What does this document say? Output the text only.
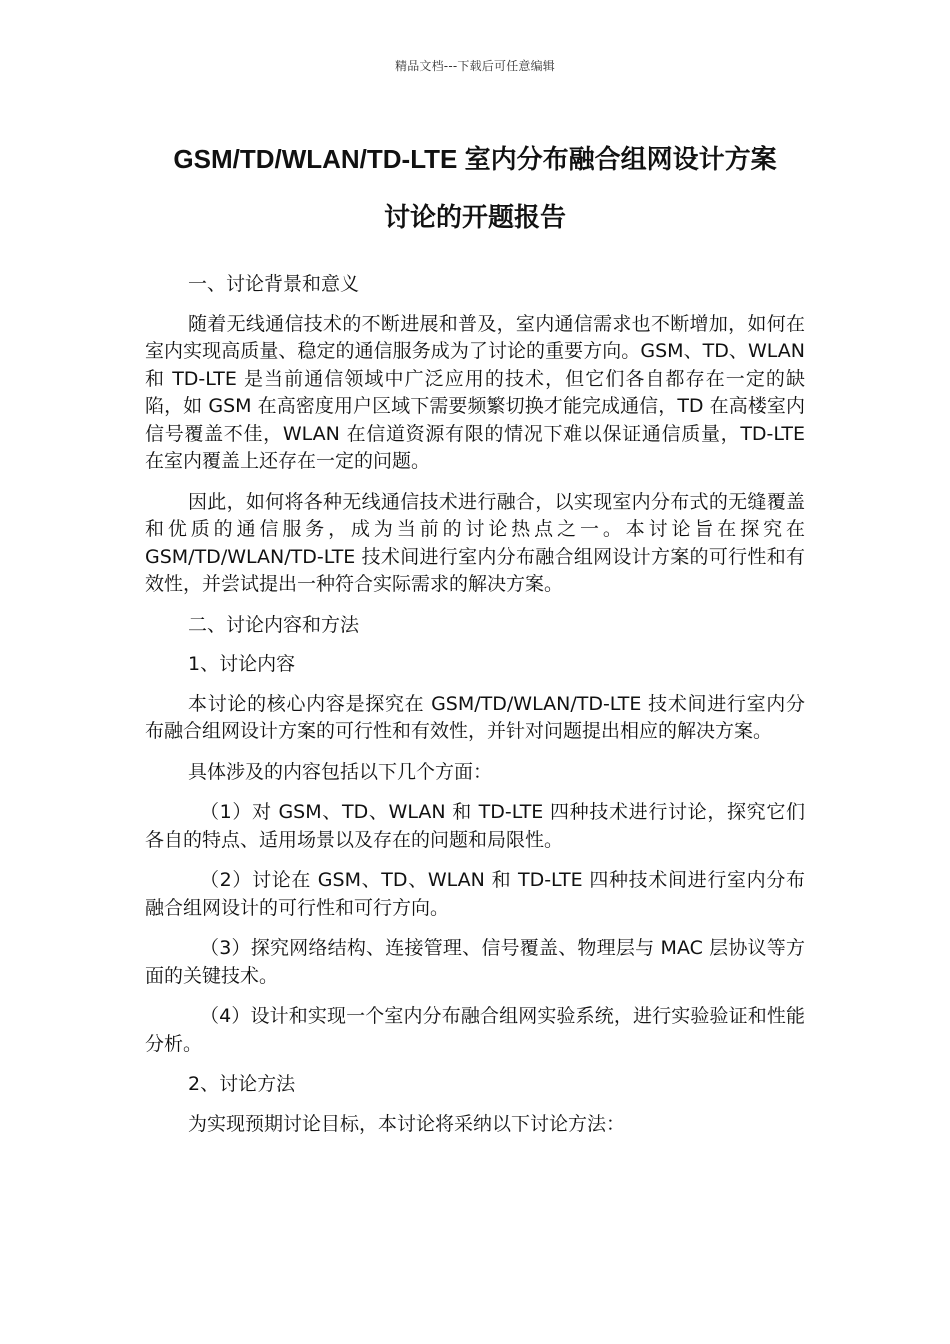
精品文档---下载后可任意编辑
GSM/TD/WLAN/TD-LTE 室内分布融合组网设计方案
讨论的开题报告

一、讨论背景和意义

随着无线通信技术的不断进展和普及，室内通信需求也不断增加，如何在室内实现高质量、稳定的通信服务成为了讨论的重要方向。GSM、TD、WLAN 和 TD-LTE 是当前通信领域中广泛应用的技术，但它们各自都存在一定的缺陷，如 GSM 在高密度用户区域下需要频繁切换才能完成通信，TD 在高楼室内信号覆盖不佳，WLAN 在信道资源有限的情况下难以保证通信质量，TD-LTE 在室内覆盖上还存在一定的问题。

因此，如何将各种无线通信技术进行融合，以实现室内分布式的无缝覆盖和优质的通信服务，成为当前的讨论热点之一。本讨论旨在探究在 GSM/TD/WLAN/TD-LTE 技术间进行室内分布融合组网设计方案的可行性和有效性，并尝试提出一种符合实际需求的解决方案。

二、讨论内容和方法

1、讨论内容

本讨论的核心内容是探究在 GSM/TD/WLAN/TD-LTE 技术间进行室内分布融合组网设计方案的可行性和有效性，并针对问题提出相应的解决方案。

具体涉及的内容包括以下几个方面：

（1）对 GSM、TD、WLAN 和 TD-LTE 四种技术进行讨论，探究它们各自的特点、适用场景以及存在的问题和局限性。

（2）讨论在 GSM、TD、WLAN 和 TD-LTE 四种技术间进行室内分布融合组网设计的可行性和可行方向。

（3）探究网络结构、连接管理、信号覆盖、物理层与 MAC 层协议等方面的关键技术。

（4）设计和实现一个室内分布融合组网实验系统，进行实验验证和性能分析。

2、讨论方法

为实现预期讨论目标，本讨论将采纳以下讨论方法：
